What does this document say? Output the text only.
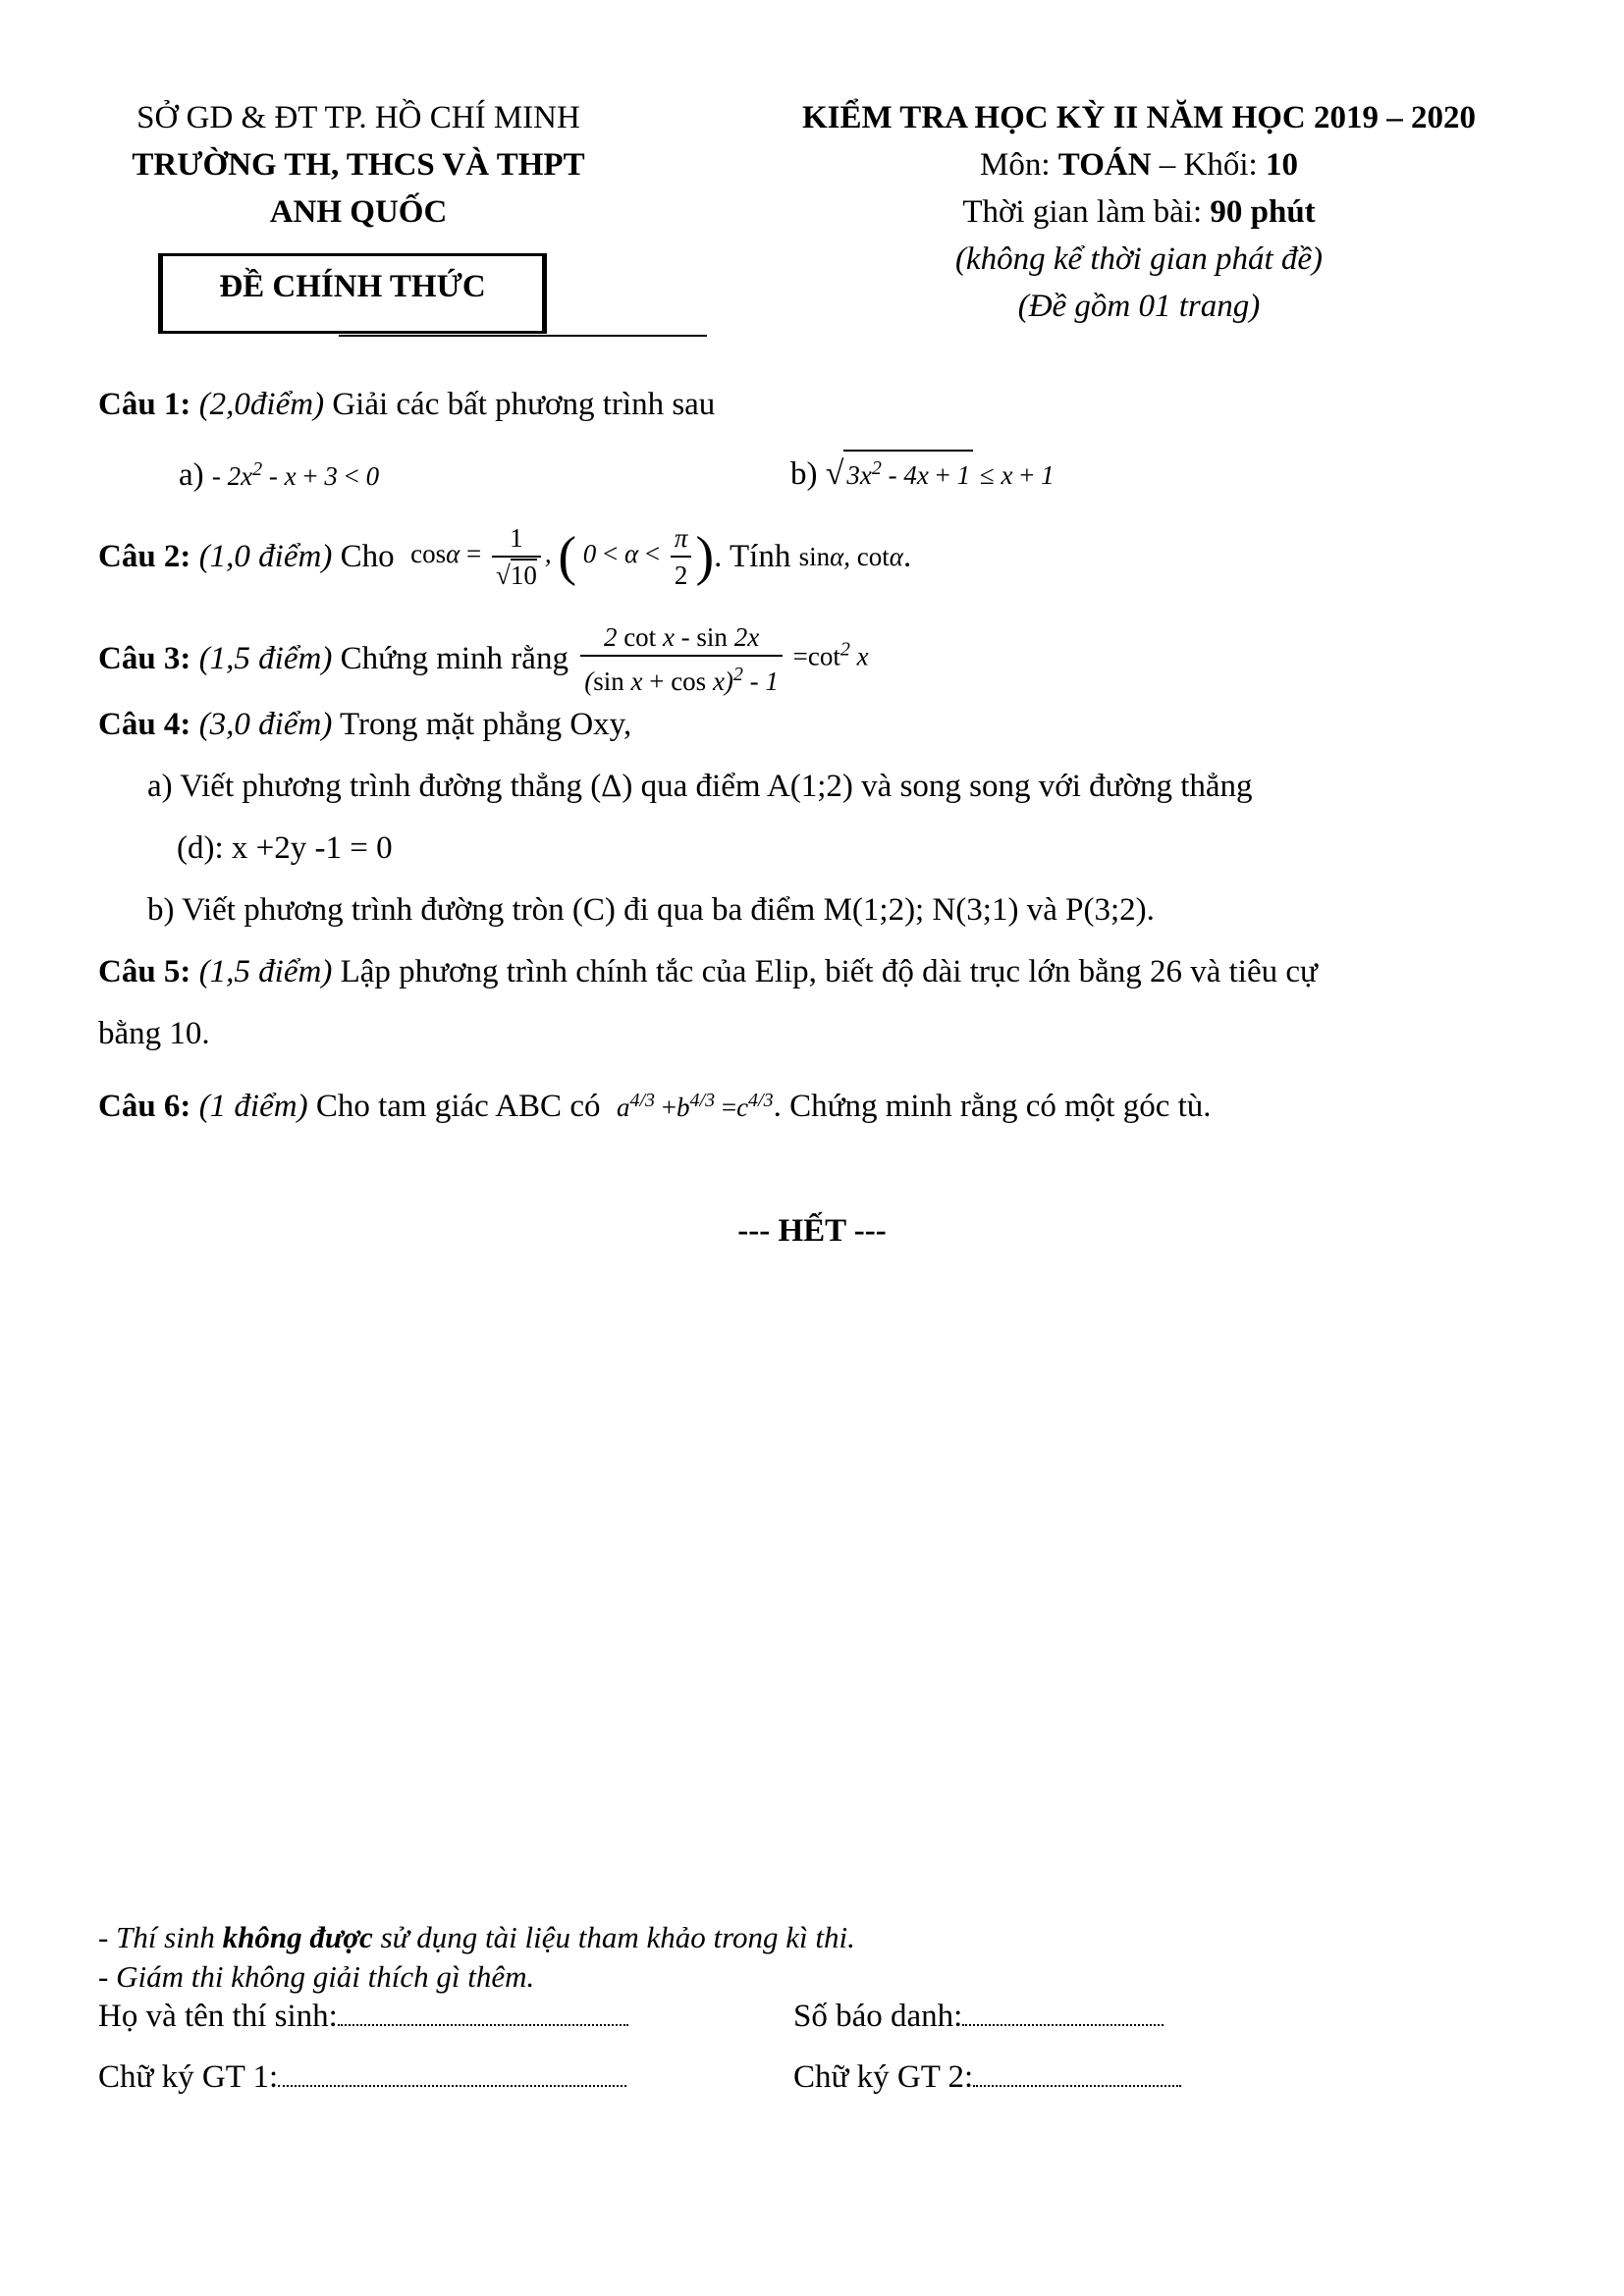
SỞ GD & ĐT TP. HỒ CHÍ MINH
TRƯỜNG TH, THCS VÀ THPT
ANH QUỐC
ĐỀ CHÍNH THỨC
KIỂM TRA HỌC KỲ II NĂM HỌC 2019 – 2020
Môn: TOÁN – Khối: 10
Thời gian làm bài: 90 phút
(không kể thời gian phát đề)
(Đề gồm 01 trang)
Câu 1: (2,0điểm) Giải các bất phương trình sau
$a) - 2x^2 - x + 3 < 0$	b) √ $3x^2 - 4x + 1 \le x + 1$
Câu 2:
(1,0 điểm)
Cho
$\cos\alpha = \frac{1}{√10}$ , ( $0 < \alpha < \frac{\pi}{2}$ ) . Tính
sinα, cotα .
Câu 3:
(1,5 điểm)
Chứng minh rằng
$\frac{\text{2 cot x - sin 2x}}{(\sin x + \cos x)^2 - 1} =\cot^2$ x
Câu 4: (3,0 điểm) Trong mặt phẳng Oxy,
a) Viết phương trình đường thẳng (Δ) qua điểm A(1;2) và song song với đường thẳng
(d): x +2y -1 = 0
b) Viết phương trình đường tròn (C) đi qua ba điểm M(1;2); N(3;1) và P(3;2).
Câu 5: (1,5 điểm) Lập phương trình chính tắc của Elip, biết độ dài trục lớn bằng 26 và tiêu cự
bằng 10.
Câu 6:
(1 điểm)
Cho tam giác ABC có
$a^{4/3} +b^{4/3} =c^{4/3}$ . Chứng minh rằng có một góc tù.
--- HẾT ---
- Thí sinh không được sử dụng tài liệu tham khảo trong kì thi.
- Giám thi không giải thích gì thêm.
Họ và tên thí sinh:	Số báo danh:
Chữ ký GT 1:	Chữ ký GT 2:
